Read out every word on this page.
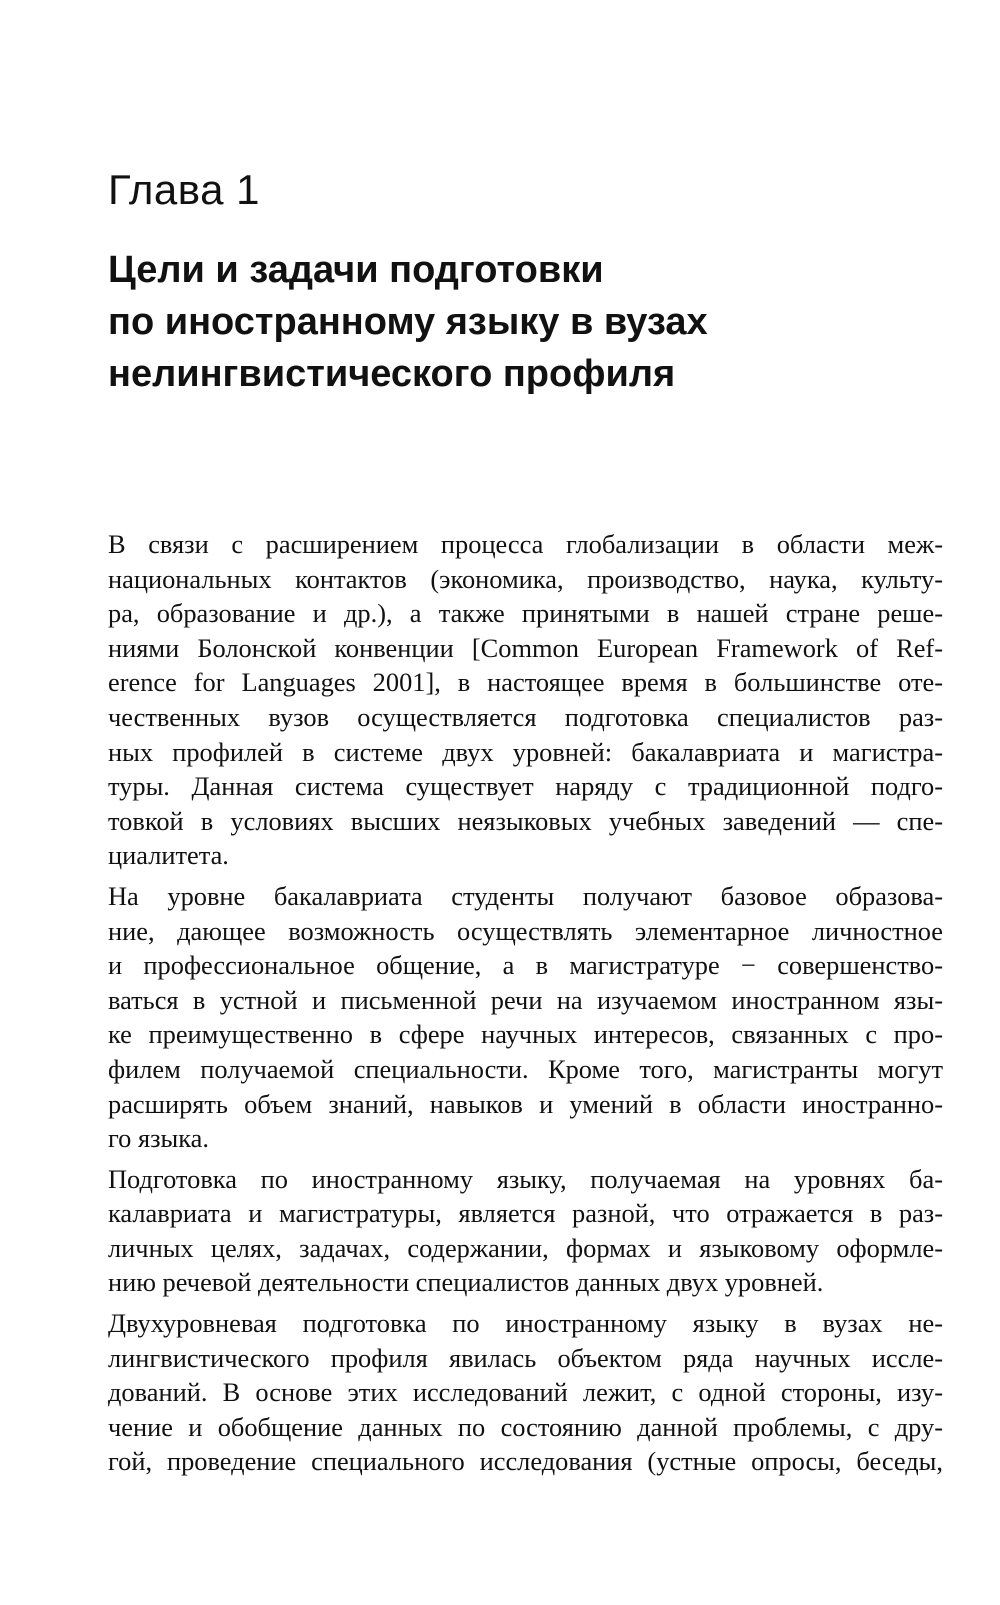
Глава 1
Цели и задачи подготовки
по иностранному языку в вузах
нелингвистического профиля

В связи с расширением процесса глобализации в области меж-
национальных контактов (экономика, производство, наука, культу-
ра, образование и др.), а также принятыми в нашей стране реше-
ниями Болонской конвенции [Common European Framework of Ref-
erence for Languages 2001], в настоящее время в большинстве оте-
чественных вузов осуществляется подготовка специалистов раз-
ных профилей в системе двух уровней: бакалавриата и магистра-
туры. Данная система существует наряду с традиционной подго-
товкой в условиях высших неязыковых учебных заведений — спе-
циалитета.

На уровне бакалавриата студенты получают базовое образова-
ние, дающее возможность осуществлять элементарное личностное
и профессиональное общение, а в магистратуре − совершенство-
ваться в устной и письменной речи на изучаемом иностранном язы-
ке преимущественно в сфере научных интересов, связанных с про-
филем получаемой специальности. Кроме того, магистранты могут
расширять объем знаний, навыков и умений в области иностранно-
го языка.

Подготовка по иностранному языку, получаемая на уровнях ба-
калавриата и магистратуры, является разной, что отражается в раз-
личных целях, задачах, содержании, формах и языковому оформле-
нию речевой деятельности специалистов данных двух уровней.

Двухуровневая подготовка по иностранному языку в вузах не-
лингвистического профиля явилась объектом ряда научных иссле-
дований. В основе этих исследований лежит, с одной стороны, изу-
чение и обобщение данных по состоянию данной проблемы, с дру-
гой, проведение специального исследования (устные опросы, беседы,
